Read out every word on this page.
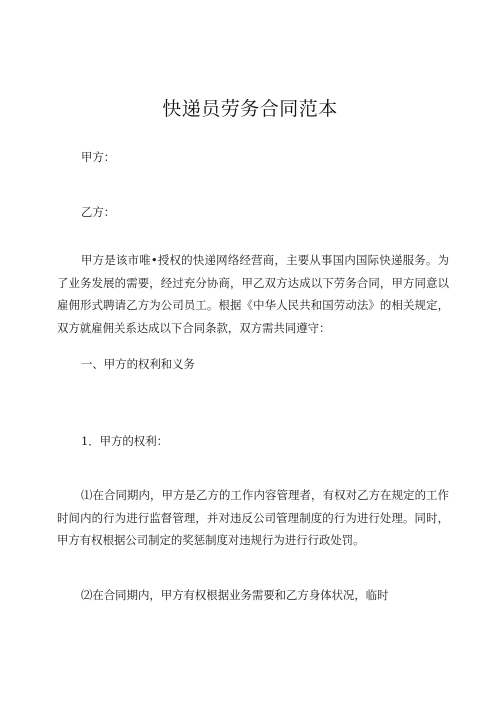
快递员劳务合同范本
甲方：
乙方：
甲方是该市唯•授权的快递网络经营商，主要从事国内国际快递服务。为了业务发展的需要，经过充分协商，甲乙双方达成以下劳务合同，甲方同意以雇佣形式聘请乙方为公司员工。根据《中华人民共和国劳动法》的相关规定，双方就雇佣关系达成以下合同条款，双方需共同遵守：
一、甲方的权利和义务
1．甲方的权利：
⑴在合同期内，甲方是乙方的工作内容管理者，有权对乙方在规定的工作时间内的行为进行监督管理，并对违反公司管理制度的行为进行处理。同时，甲方有权根据公司制定的奖惩制度对违规行为进行行政处罚。
⑵在合同期内，甲方有权根据业务需要和乙方身体状况，临时
